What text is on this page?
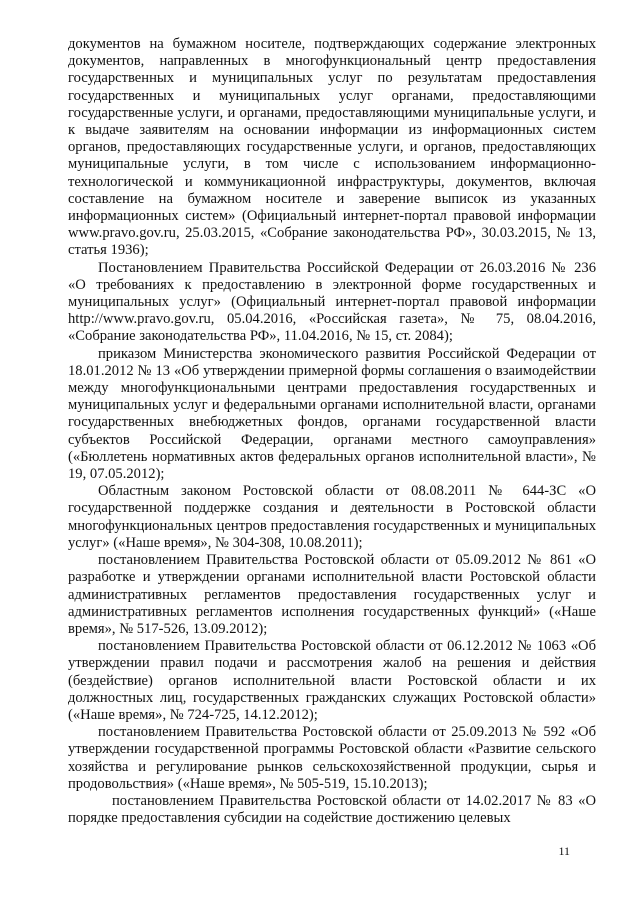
документов на бумажном носителе, подтверждающих содержание электронных документов, направленных в многофункциональный центр предоставления государственных и муниципальных услуг по результатам предоставления государственных и муниципальных услуг органами, предоставляющими государственные услуги, и органами, предоставляющими муниципальные услуги, и к выдаче заявителям на основании информации из информационных систем органов, предоставляющих государственные услуги, и органов, предоставляющих муниципальные услуги, в том числе с использованием информационно-технологической и коммуникационной инфраструктуры, документов, включая составление на бумажном носителе и заверение выписок из указанных информационных систем» (Официальный интернет-портал правовой информации www.pravo.gov.ru, 25.03.2015, «Собрание законодательства РФ», 30.03.2015, № 13, статья 1936);

Постановлением Правительства Российской Федерации от 26.03.2016 № 236 «О требованиях к предоставлению в электронной форме государственных и муниципальных услуг» (Официальный интернет-портал правовой информации http://www.pravo.gov.ru, 05.04.2016, «Российская газета», № 75, 08.04.2016, «Собрание законодательства РФ», 11.04.2016, № 15, ст. 2084);

приказом Министерства экономического развития Российской Федерации от 18.01.2012 № 13 «Об утверждении примерной формы соглашения о взаимодействии между многофункциональными центрами предоставления государственных и муниципальных услуг и федеральными органами исполнительной власти, органами государственных внебюджетных фондов, органами государственной власти субъектов Российской Федерации, органами местного самоуправления» («Бюллетень нормативных актов федеральных органов исполнительной власти», № 19, 07.05.2012);

Областным законом Ростовской области от 08.08.2011 № 644-ЗС «О государственной поддержке создания и деятельности в Ростовской области многофункциональных центров предоставления государственных и муниципальных услуг» («Наше время», № 304-308, 10.08.2011);

постановлением Правительства Ростовской области от 05.09.2012 № 861 «О разработке и утверждении органами исполнительной власти Ростовской области административных регламентов предоставления государственных услуг и административных регламентов исполнения государственных функций» («Наше время», № 517-526, 13.09.2012);

постановлением Правительства Ростовской области от 06.12.2012 № 1063 «Об утверждении правил подачи и рассмотрения жалоб на решения и действия (бездействие) органов исполнительной власти Ростовской области и их должностных лиц, государственных гражданских служащих Ростовской области» («Наше время», № 724-725, 14.12.2012);

постановлением Правительства Ростовской области от 25.09.2013 № 592 «Об утверждении государственной программы Ростовской области «Развитие сельского хозяйства и регулирование рынков сельскохозяйственной продукции, сырья и продовольствия» («Наше время», № 505-519, 15.10.2013);

постановлением Правительства Ростовской области от 14.02.2017 № 83 «О порядке предоставления субсидии на содействие достижению целевых

11
